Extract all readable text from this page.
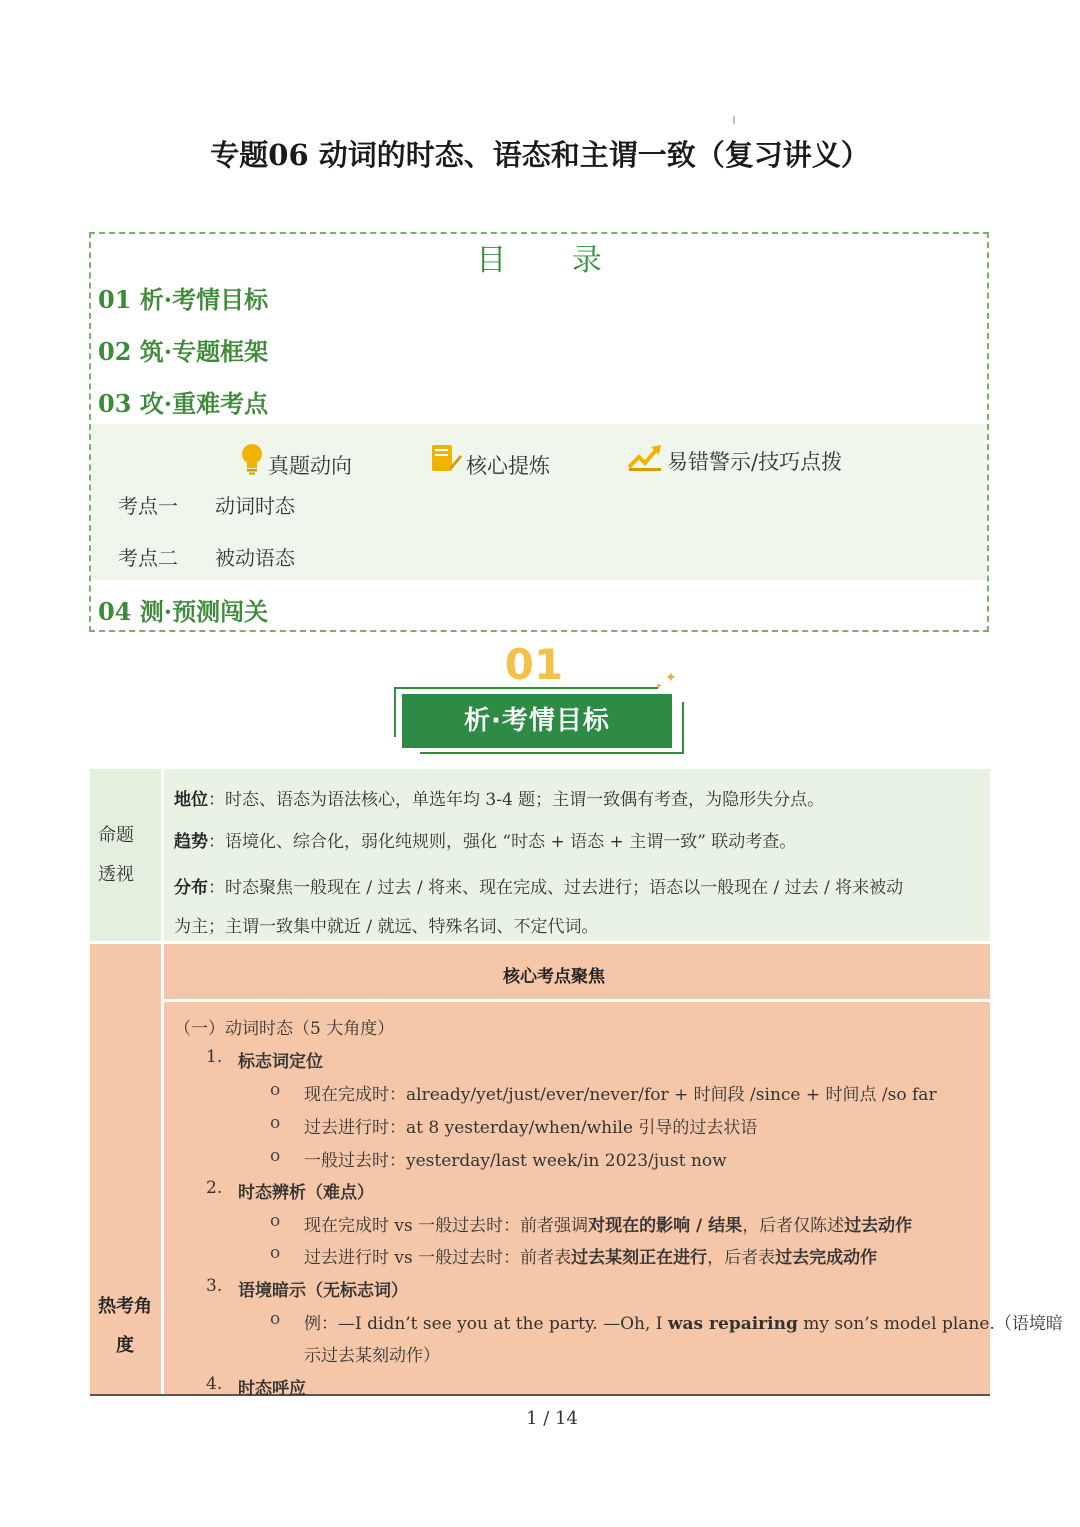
专题06 动词的时态、语态和主谓一致（复习讲义）
目 录
01 析·考情目标
02 筑·专题框架
03 攻·重难考点
真题动向	核心提炼	易错警示/技巧点拨
考点一 动词时态
考点二 被动语态
04 测·预测闯关
01
析·考情目标
✦
✦
命题
透视
地位：时态、语态为语法核心，单选年均 3-4 题；主谓一致偶有考查，为隐形失分点。
趋势：语境化、综合化，弱化纯规则，强化 “时态 + 语态 + 主谓一致” 联动考查。
分布：时态聚焦一般现在 / 过去 / 将来、现在完成、过去进行；语态以一般现在 / 过去 / 将来被动
为主；主谓一致集中就近 / 就远、特殊名词、不定代词。
热考角
度
核心考点聚焦
（一）动词时态（5 大角度）
1. 标志词定位
o 现在完成时：already/yet/just/ever/never/for + 时间段 /since + 时间点 /so far
o 过去进行时：at 8 yesterday/when/while 引导的过去状语
o 一般过去时：yesterday/last week/in 2023/just now
2. 时态辨析（难点）
o 现在完成时 vs 一般过去时：前者强调对现在的影响 / 结果，后者仅陈述过去动作
o 过去进行时 vs 一般过去时：前者表过去某刻正在进行，后者表过去完成动作
3. 语境暗示（无标志词）
o 例：—I didn’t see you at the party. —Oh, I was repairing my son’s model plane.（语境暗
示过去某刻动作）
4. 时态呼应
1 / 14
